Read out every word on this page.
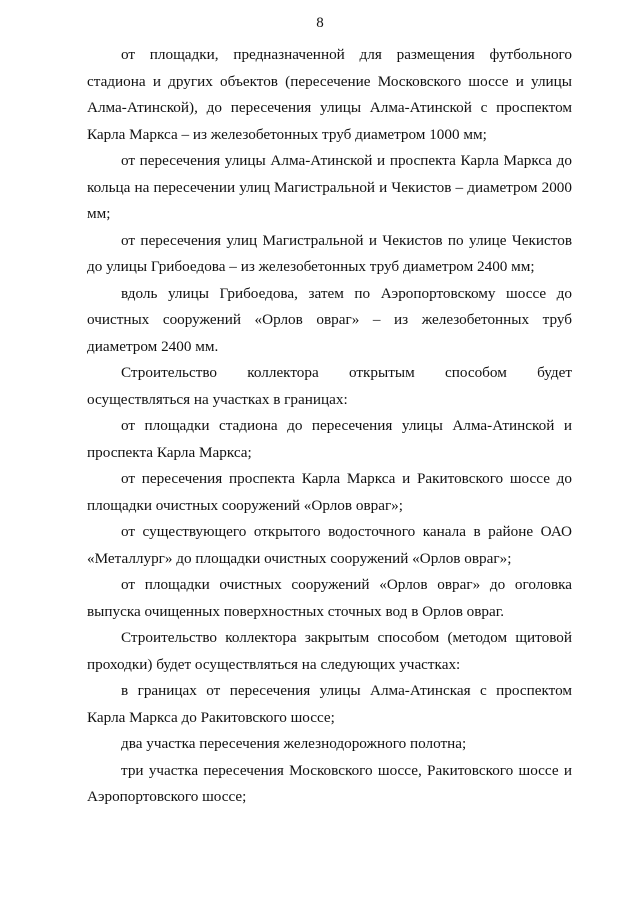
8

от площадки, предназначенной для размещения футбольного стадиона и других объектов (пересечение Московского шоссе и улицы Алма-Атинской), до пересечения улицы Алма-Атинской с проспектом Карла Маркса – из железобетонных труб диаметром 1000 мм;

от пересечения улицы Алма-Атинской и проспекта Карла Маркса до кольца на пересечении улиц Магистральной и Чекистов – диаметром 2000 мм;

от пересечения улиц Магистральной и Чекистов по улице Чекистов до улицы Грибоедова – из железобетонных труб диаметром 2400 мм;

вдоль улицы Грибоедова, затем по Аэропортовскому шоссе до очистных сооружений «Орлов овраг» – из железобетонных труб диаметром 2400 мм.

Строительство коллектора открытым способом будет осуществляться на участках в границах:

от площадки стадиона до пересечения улицы Алма-Атинской и проспекта Карла Маркса;

от пересечения проспекта Карла Маркса и Ракитовского шоссе до площадки очистных сооружений «Орлов овраг»;

от существующего открытого водосточного канала в районе ОАО «Металлург» до площадки очистных сооружений «Орлов овраг»;

от площадки очистных сооружений «Орлов овраг» до оголовка выпуска очищенных поверхностных сточных вод в Орлов овраг.

Строительство коллектора закрытым способом (методом щитовой проходки) будет осуществляться на следующих участках:

в границах от пересечения улицы Алма-Атинская с проспектом Карла Маркса до Ракитовского шоссе;

два участка пересечения железнодорожного полотна;

три участка пересечения Московского шоссе, Ракитовского шоссе и Аэропортовского шоссе;
